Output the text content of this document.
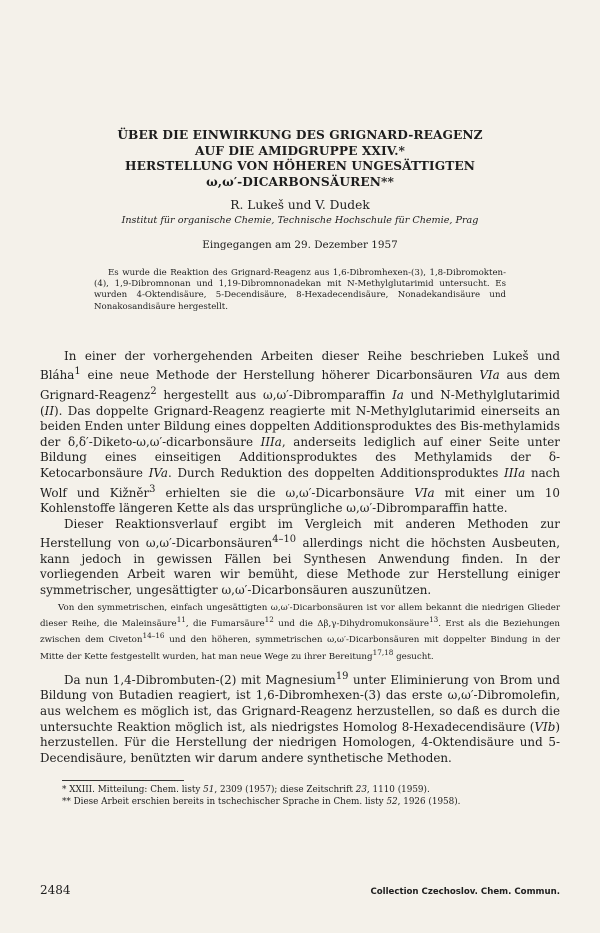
ÜBER DIE EINWIRKUNG DES GRIGNARD-REAGENZ
AUF DIE AMIDGRUPPE XXIV.*
HERSTELLUNG VON HÖHEREN UNGESÄTTIGTEN
ω,ω′-DICARBONSÄUREN**
R. Lukeš und V. Dudek
Institut für organische Chemie, Technische Hochschule für Chemie, Prag
Eingegangen am 29. Dezember 1957

Es wurde die Reaktion des Grignard-Reagenz aus 1,6-Dibromhexen-(3), 1,8-Dibromokten-(4), 1,9-Dibromnonan und 1,19-Dibromnonadekan mit N-Methylglutarimid untersucht. Es wurden 4-Oktendisäure, 5-Decendisäure, 8-Hexadecendisäure, Nonadekandisäure und Nonakosandisäure hergestellt.

In einer der vorhergehenden Arbeiten dieser Reihe beschrieben Lukeš und Bláha$^1$ eine neue Methode der Herstellung höherer Dicarbonsäuren VIa aus dem Grignard-Reagenz$^2$ hergestellt aus ω,ω′-Dibromparaffin Ia und N-Methylglutarimid (II). Das doppelte Grignard-Reagenz reagierte mit N-Methylglutarimid einerseits an beiden Enden unter Bildung eines doppelten Additionsproduktes des Bis-methylamids der δ,δ′-Diketo-ω,ω′-dicarbonsäure IIIa, anderseits lediglich auf einer Seite unter Bildung eines einseitigen Additionsproduktes des Methylamids der δ-Ketocarbonsäure IVa. Durch Reduktion des doppelten Additionsproduktes IIIa nach Wolf und Kižněr$^3$ erhielten sie die ω,ω′-Dicarbonsäure VIa mit einer um 10 Kohlenstoffe längeren Kette als das ursprüngliche ω,ω′-Dibromparaffin hatte.

Dieser Reaktionsverlauf ergibt im Vergleich mit anderen Methoden zur Herstellung von ω,ω′-Dicarbonsäuren$^{4-10}$ allerdings nicht die höchsten Ausbeuten, kann jedoch in gewissen Fällen bei Synthesen Anwendung finden. In der vorliegenden Arbeit waren wir bemüht, diese Methode zur Herstellung einiger symmetrischer, ungesättigter ω,ω′-Dicarbonsäuren auszunützen.

Von den symmetrischen, einfach ungesättigten ω,ω′-Dicarbonsäuren ist vor allem bekannt die niedrigen Glieder dieser Reihe, die Maleinsäure$^{11}$, die Fumarsäure$^{12}$ und die Δβ,γ-Dihydromukonsäure$^{13}$. Erst als die Beziehungen zwischen dem Civeton$^{14-16}$ und den höheren, symmetrischen ω,ω′-Dicarbonsäuren mit doppelter Bindung in der Mitte der Kette festgestellt wurden, hat man neue Wege zu ihrer Bereitung$^{17,18}$ gesucht.

Da nun 1,4-Dibrombuten-(2) mit Magnesium$^{19}$ unter Eliminierung von Brom und Bildung von Butadien reagiert, ist 1,6-Dibromhexen-(3) das erste ω,ω′-Dibromolefin, aus welchem es möglich ist, das Grignard-Reagenz herzustellen, so daß es durch die untersuchte Reaktion möglich ist, als niedrigstes Homolog 8-Hexadecendisäure (VIb) herzustellen. Für die Herstellung der niedrigen Homologen, 4-Oktendisäure und 5-Decendisäure, benützten wir darum andere synthetische Methoden.

* XXIII. Mitteilung: Chem. listy 51, 2309 (1957); diese Zeitschrift 23, 1110 (1959).
** Diese Arbeit erschien bereits in tschechischer Sprache in Chem. listy 52, 1926 (1958).
2484	Collection Czechoslov. Chem. Commun.
